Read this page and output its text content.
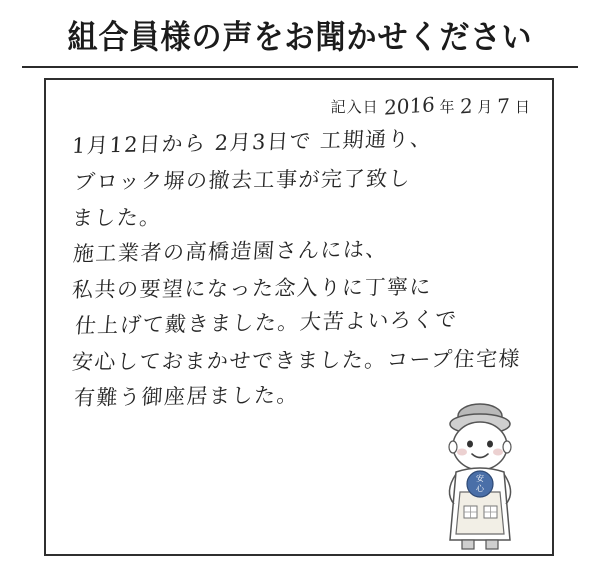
組合員様の声をお聞かせください
記入日 2016 年 2 月 7 日
1月12日から 2月3日で 工期通り、
ブロック塀の撤去工事が完了致し
ました。
施工業者の高橋造園さんには、
私共の要望になった念入りに丁寧に
仕上げて戴きました。大苦よいろくで
安心しておまかせできました。コープ住宅様
有難う御座居ました。
安
心
